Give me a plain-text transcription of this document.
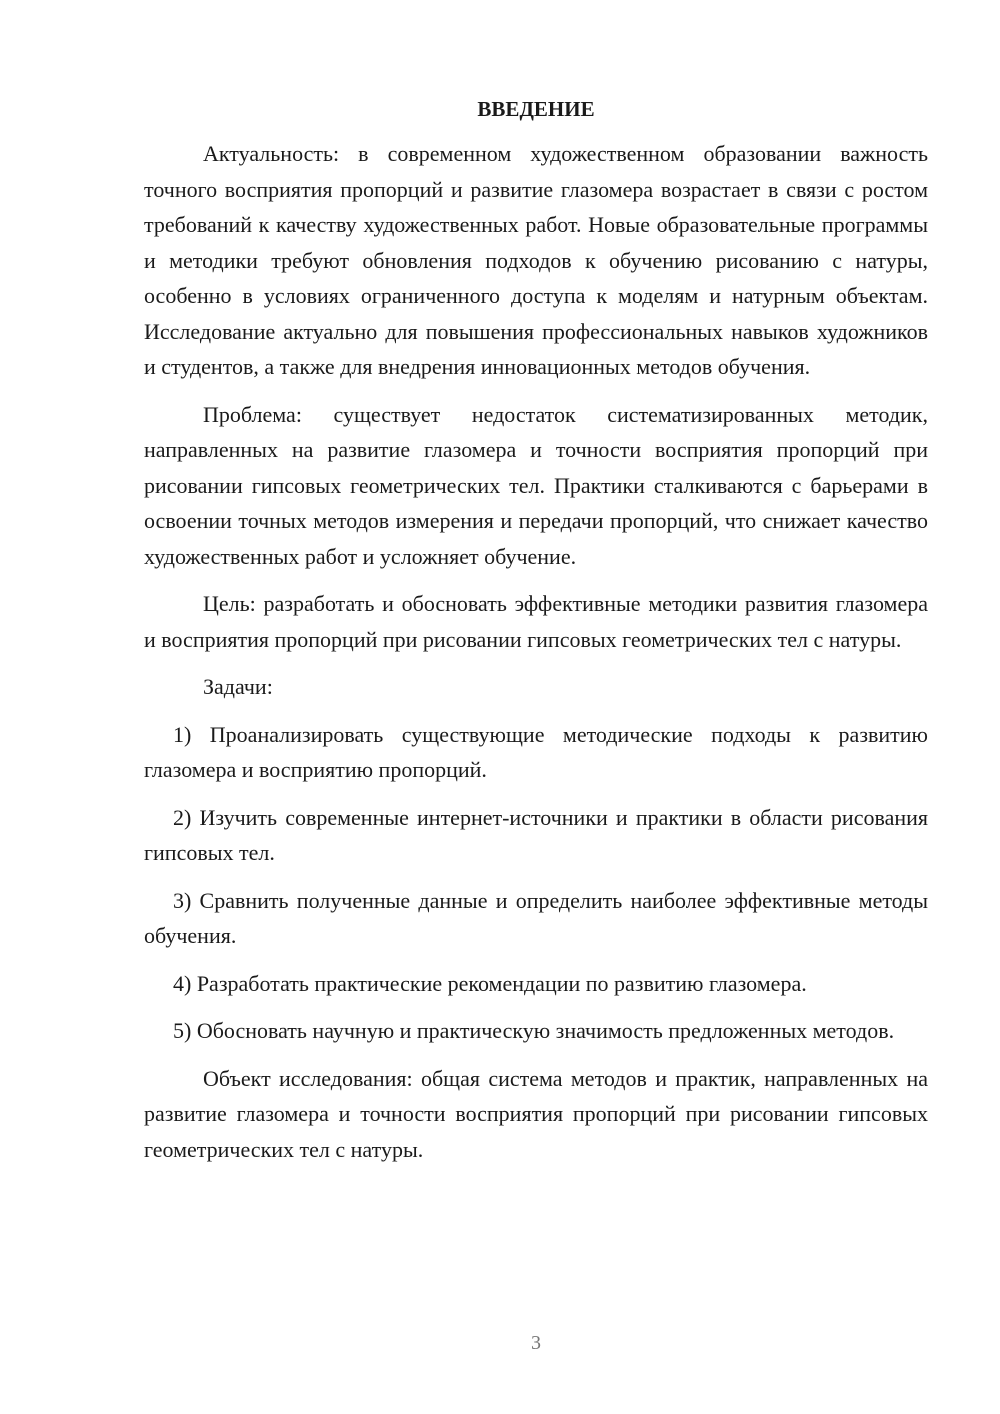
ВВЕДЕНИЕ

Актуальность: в современном художественном образовании важность точного восприятия пропорций и развитие глазомера возрастает в связи с ростом требований к качеству художественных работ. Новые образовательные программы и методики требуют обновления подходов к обучению рисованию с натуры, особенно в условиях ограниченного доступа к моделям и натурным объектам. Исследование актуально для повышения профессиональных навыков художников и студентов, а также для внедрения инновационных методов обучения.

Проблема: существует недостаток систематизированных методик, направленных на развитие глазомера и точности восприятия пропорций при рисовании гипсовых геометрических тел. Практики сталкиваются с барьерами в освоении точных методов измерения и передачи пропорций, что снижает качество художественных работ и усложняет обучение.

Цель: разработать и обосновать эффективные методики развития глазомера и восприятия пропорций при рисовании гипсовых геометрических тел с натуры.

Задачи:

1) Проанализировать существующие методические подходы к развитию глазомера и восприятию пропорций.

2) Изучить современные интернет-источники и практики в области рисования гипсовых тел.

3) Сравнить полученные данные и определить наиболее эффективные методы обучения.

4) Разработать практические рекомендации по развитию глазомера.

5) Обосновать научную и практическую значимость предложенных методов.

Объект исследования: общая система методов и практик, направленных на развитие глазомера и точности восприятия пропорций при рисовании гипсовых геометрических тел с натуры.

3
